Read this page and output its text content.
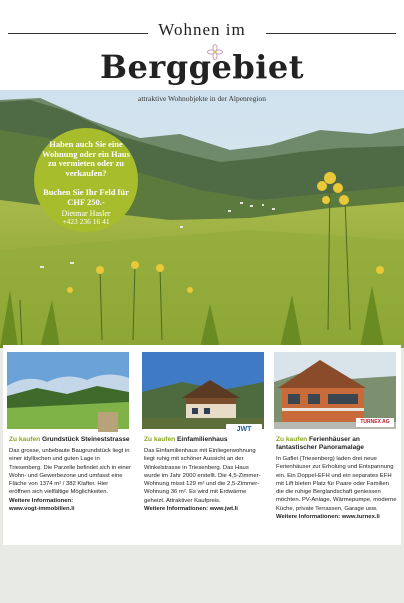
Wohnen im
Berggebiet
attraktive Wohnobjekte in der Alpenregion
Haben auch Sie eine Wohnung oder ein Haus zu vermieten oder zu verkaufen?
Buchen Sie Ihr Feld für CHF 250.-
Dietmar Hasler
+423 236 16 41
Zu kaufen Grundstück Steineststrasse
Das grosse, unbebaute Baugrundstück liegt in einer idyllischen und guten Lage in Triesenberg. Die Parzelle befindet sich in einer Wohn- und Gewerbezone und umfasst eine Fläche von 1374 m² / 382 Klafter. Hier eröffnen sich vielfältige Möglichkeiten.
Weitere Informationen:
www.vogt-immobilien.li
JWT
Zu kaufen Einfamilienhaus
Das Einfamilienhaus mit Einliegerwohnung liegt ruhig mit schöner Aussicht an der Winkelstrasse in Triesenberg. Das Haus wurde im Jahr 2000 erstellt. Die 4,5-Zimmer-Wohnung misst 129 m² und die 2,5-Zimmer-Wohnung 36 m². Es wird mit Erdwärme geheizt. Attraktiver Kaufpreis.
Weitere Informationen: www.jwt.li
TURNEX AG
Zu kaufen Ferienhäuser an fantastischer Panoramalage
In Gaflei (Triesenberg) laden drei neue Ferienhäuser zur Erholung und Entspannung ein. Ein Doppel-EFH und ein separates EFH mit Lift bieten Platz für Paare oder Familien die die ruhige Berglandschaft geniessen möchten. PV-Anlage, Wärmepumpe, moderne Küche, private Terrassen, Garage usw.
Weitere Informationen: www.turnex.li
